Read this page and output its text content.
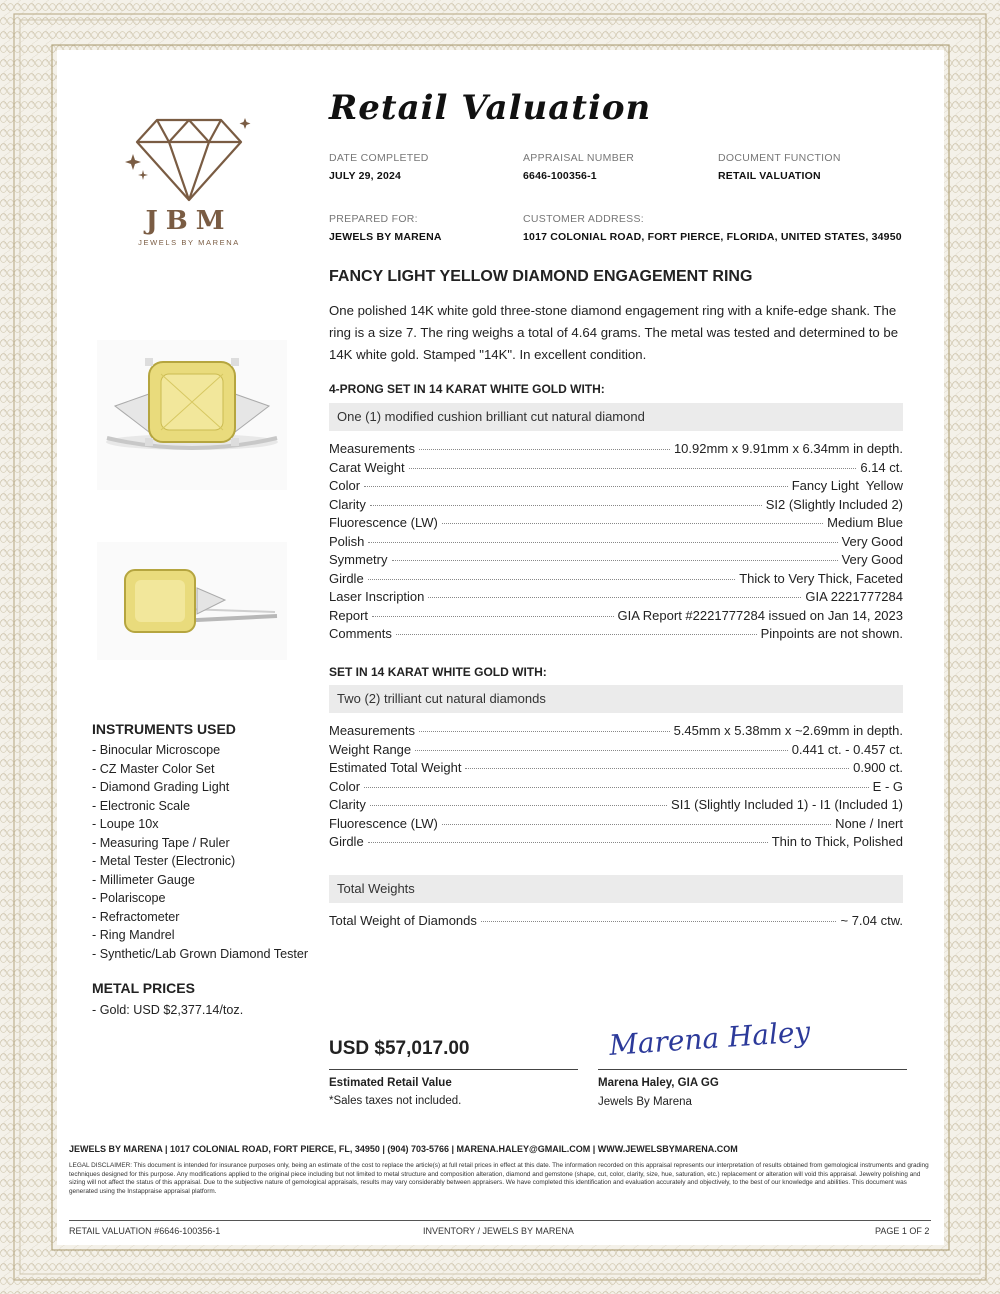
JBM
JEWELS BY MARENA
Retail Valuation
DATE COMPLETED
JULY 29, 2024
APPRAISAL NUMBER
6646-100356-1
DOCUMENT FUNCTION
RETAIL VALUATION
PREPARED FOR:
JEWELS BY MARENA
CUSTOMER ADDRESS:
1017 COLONIAL ROAD, FORT PIERCE, FLORIDA, UNITED STATES, 34950
FANCY LIGHT YELLOW DIAMOND ENGAGEMENT RING
One polished 14K white gold three-stone diamond engagement ring with a knife-edge shank. The ring is a size 7. The ring weighs a total of 4.64 grams. The metal was tested and determined to be 14K white gold. Stamped "14K". In excellent condition.
4-PRONG SET IN 14 KARAT WHITE GOLD WITH:
One (1) modified cushion brilliant cut natural diamond
Measurements	10.92mm x 9.91mm x 6.34mm in depth.
Carat Weight	6.14 ct.
Color	Fancy Light  Yellow
Clarity	SI2 (Slightly Included 2)
Fluorescence (LW)	Medium Blue
Polish	Very Good
Symmetry	Very Good
Girdle	Thick to Very Thick, Faceted
Laser Inscription	GIA 2221777284
Report	GIA Report #2221777284 issued on Jan 14, 2023
Comments	Pinpoints are not shown.
SET IN 14 KARAT WHITE GOLD WITH:
Two (2) trilliant cut natural diamonds
Measurements	5.45mm x 5.38mm x ~2.69mm in depth.
Weight Range	0.441 ct. - 0.457 ct.
Estimated Total Weight	0.900 ct.
Color	E - G
Clarity	SI1 (Slightly Included 1) - I1 (Included 1)
Fluorescence (LW)	None / Inert
Girdle	Thin to Thick, Polished
Total Weights
Total Weight of Diamonds	~ 7.04 ctw.
INSTRUMENTS USED
- Binocular Microscope
- CZ Master Color Set
- Diamond Grading Light
- Electronic Scale
- Loupe 10x
- Measuring Tape / Ruler
- Metal Tester (Electronic)
- Millimeter Gauge
- Polariscope
- Refractometer
- Ring Mandrel
- Synthetic/Lab Grown Diamond Tester
METAL PRICES
- Gold: USD $2,377.14/toz.
USD $57,017.00
Estimated Retail Value
*Sales taxes not included.
Marena Haley
Marena Haley, GIA GG
Jewels By Marena
JEWELS BY MARENA | 1017 COLONIAL ROAD, FORT PIERCE, FL, 34950 | (904) 703-5766 | MARENA.HALEY@GMAIL.COM | WWW.JEWELSBYMARENA.COM
LEGAL DISCLAIMER: This document is intended for insurance purposes only, being an estimate of the cost to replace the article(s) at full retail prices in effect at this date. The information recorded on this appraisal represents our interpretation of results obtained from gemological instruments and grading techniques designed for this purpose. Any modifications applied to the original piece including but not limited to metal structure and composition alteration, diamond and gemstone (shape, cut, color, clarity, size, hue, saturation, etc.) replacement or alteration will void this appraisal. Jewelry polishing and sizing will not affect the status of this appraisal. Due to the subjective nature of gemological appraisals, results may vary considerably between appraisers. We have completed this identification and evaluation accurately and objectively, to the best of our knowledge and abilities. This document was generated using the Instappraise appraisal platform.
RETAIL VALUATION #6646-100356-1	INVENTORY / JEWELS BY MARENA	PAGE 1 OF 2
